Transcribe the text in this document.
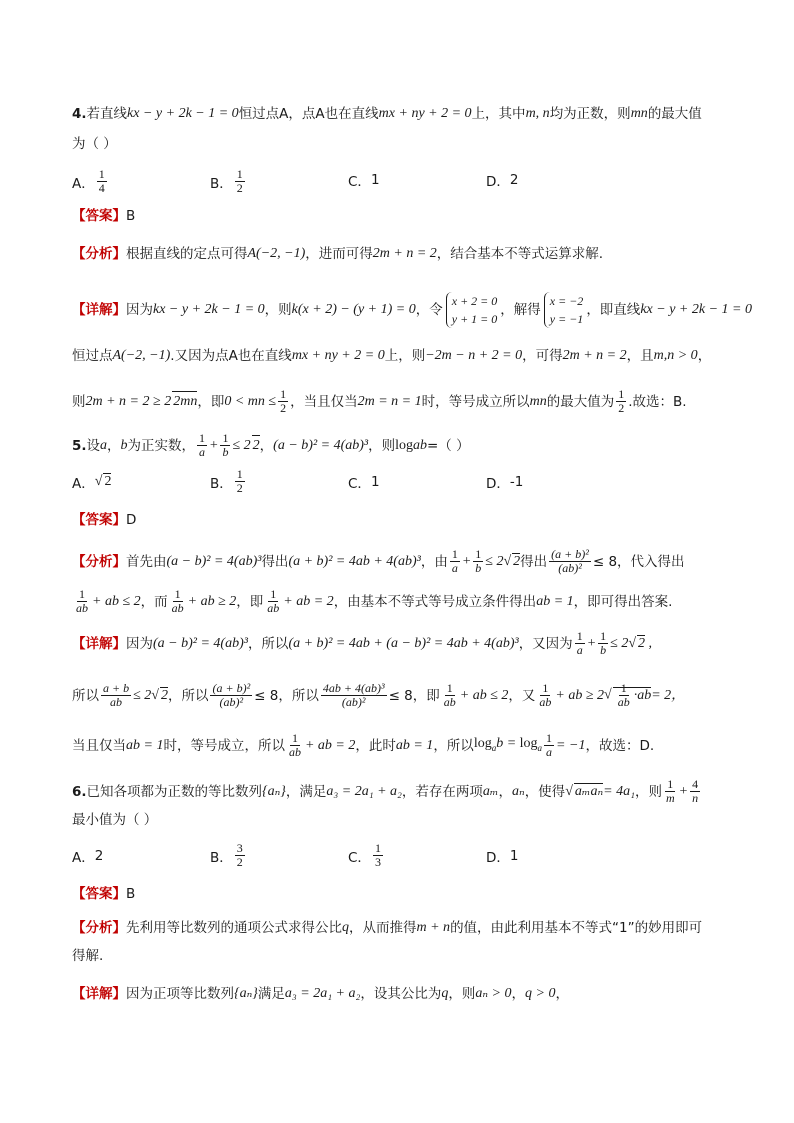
4. 若直线 kx − y + 2k − 1 = 0 恒过点A，点A也在直线 mx + ny + 2 = 0 上，其中 m, n 均为正数，则 mn 的最大值
为（ ）
A． $\frac{1}{4}$	B． $\frac{1}{2}$	C． 1	D． 2
【答案】 B
【分析】 根据直线的定点可得 A(−2, −1) ，进而可得 2m + n = 2 ，结合基本不等式运算求解.
【详解】 因为 kx − y + 2k − 1 = 0 ，则 k(x + 2) − (y + 1) = 0 ，令
x + 2 = 0
y + 1 = 0
，解得
x = −2
y = −1
，即直线 kx − y + 2k − 1 = 0
恒过点 A(−2, −1) .又因为点A也在直线 mx + ny + 2 = 0 上，则 −2m − n + 2 = 0 ，可得 2m + n = 2 ，且 m,n > 0 ，
则 2m + n = 2 ≥ 2 2mn ，即 0 < mn ≤ $\frac{1}{2}$ ，当且仅当 2m = n = 1 时，等号成立所以 mn 的最大值为 $\frac{1}{2}$ .故选：B.
5. 设 a ， b 为正实数， $\frac{1}{a} + \frac{1}{b} \le 2$ 2 ， (a − b)² = 4(ab)³ ，则 log a b =（ ）
A． √ 2	B． $\frac{1}{2}$	C． 1	D． -1
【答案】 D
【分析】 首先由 (a − b)² = 4(ab)³ 得出 (a + b)² = 4ab + 4(ab)³ ，由 $\frac{1}{a} + \frac{1}{b} \le 2√$ 2 得出 $\frac{\text{(a + b)²}}{\text{(ab)²}} \le 8$，代入得出
$\frac{1}{ab}$ + ab ≤ 2 ，而 $\frac{1}{ab}$ + ab ≥ 2 ，即 $\frac{1}{ab}$ + ab = 2 ，由基本不等式等号成立条件得出 ab = 1 ，即可得出答案.
【详解】 因为 (a − b)² = 4(ab)³ ，所以 (a + b)² = 4ab + (a − b)² = 4ab + 4(ab)³ ，又因为 $\frac{1}{a} + \frac{1}{b} \le 2√$ 2 ,
所以 $\frac{a + b}{ab} \le 2√$ 2 ，所以 $\frac{\text{(a + b)²}}{\text{(ab)²}} \le 8$，所以 $\frac{\text{4ab + 4(ab)³}}{\text{(ab)²}} \le 8$，即 $\frac{1}{ab}$ + ab ≤ 2 ，又 $\frac{1}{ab}$ + ab ≥ 2 √ $\frac{1}{ab} \cdot ab = 2$，
当且仅当 ab = 1 时，等号成立，所以 $\frac{1}{ab}$ + ab = 2 ，此时 ab = 1 ，所以 $\log_ab = \log_a \frac{1}{a} = -1$ ，故选：D.
6. 已知各项都为正数的等比数列 {aₙ} ，满足 a₃ = 2a₁ + a₂ ，若存在两项 aₘ ， aₙ ，使得 √ aₘaₙ = 4a₁ ，则 $\frac{1}{m} + \frac{4}{n}$
最小值为（ ）
A． 2	B． $\frac{3}{2}$	C． $\frac{1}{3}$	D． 1
【答案】 B
【分析】 先利用等比数列的通项公式求得公比 q ，从而推得 m + n 的值，由此利用基本不等式“1”的妙用即可
得解.
【详解】 因为正项等比数列 {aₙ} 满足 a₃ = 2a₁ + a₂ ，设其公比为 q ，则 aₙ > 0 ， q > 0 ，
